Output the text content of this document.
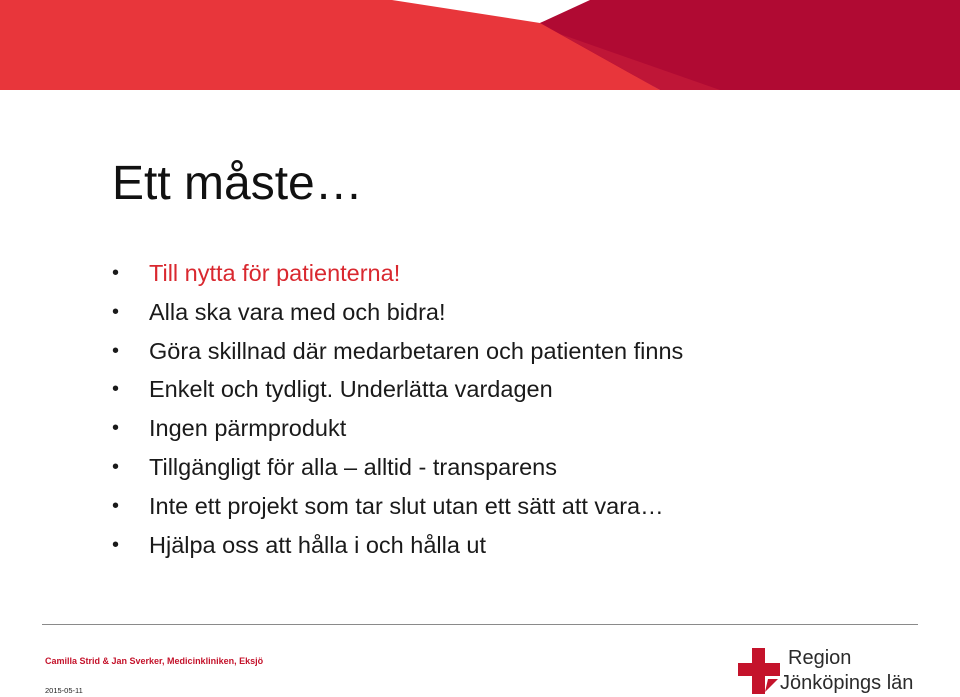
Ett måste…
• Till nytta för patienterna!
• Alla ska vara med och bidra!
• Göra skillnad där medarbetaren och patienten finns
• Enkelt och tydligt. Underlätta vardagen
• Ingen pärmprodukt
• Tillgängligt för alla – alltid - transparens
• Inte ett projekt som tar slut utan ett sätt att vara…
• Hjälpa oss att hålla i och hålla ut
Camilla Strid & Jan Sverker, Medicinkliniken, Eksjö
2015-05-11
Region
Jönköpings län
